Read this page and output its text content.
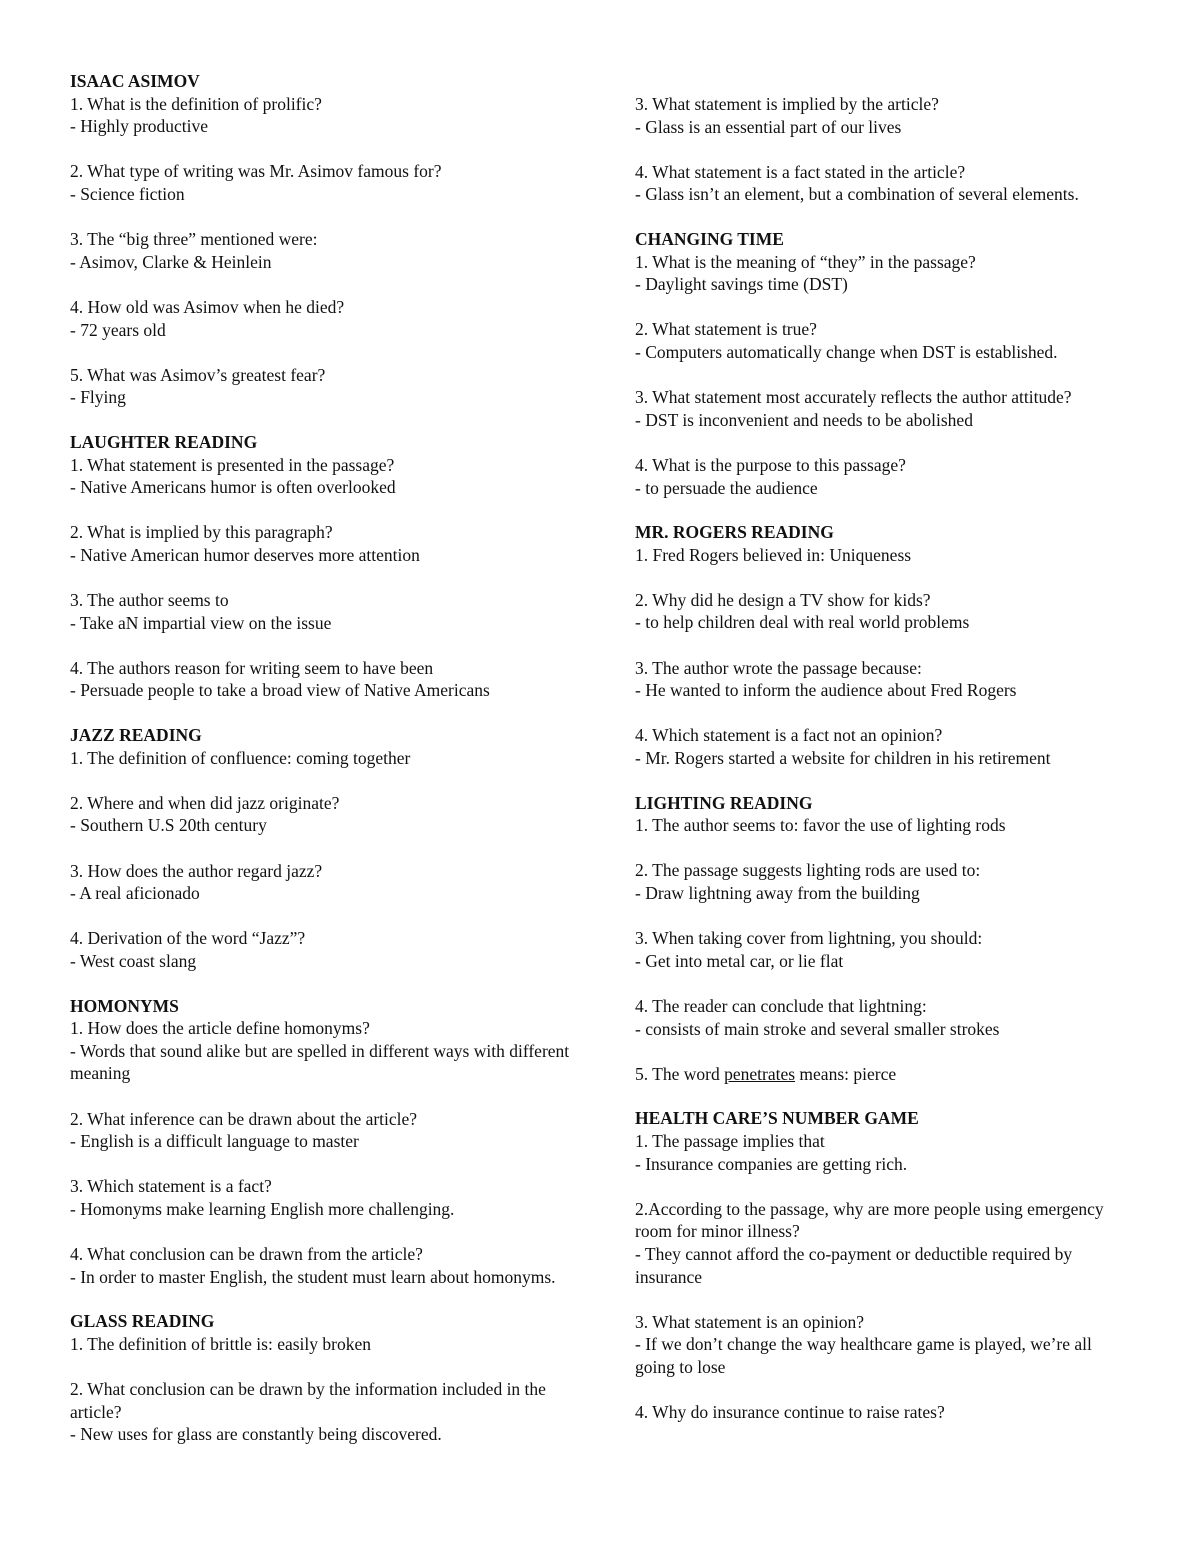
ISAAC ASIMOV
1. What is the definition of prolific?
- Highly productive
2. What type of writing was Mr. Asimov famous for?
- Science fiction
3. The “big three” mentioned were:
- Asimov, Clarke & Heinlein
4. How old was Asimov when he died?
- 72 years old
5. What was Asimov’s greatest fear?
- Flying
LAUGHTER READING
1. What statement is presented in the passage?
- Native Americans humor is often overlooked
2. What is implied by this paragraph?
- Native American humor deserves more attention
3. The author seems to
- Take aN impartial view on the issue
4. The authors reason for writing seem to have been
- Persuade people to take a broad view of Native Americans
JAZZ READING
1. The definition of confluence: coming together
2. Where and when did jazz originate?
- Southern U.S 20th century
3. How does the author regard jazz?
- A real aficionado
4. Derivation of the word “Jazz”?
- West coast slang
HOMONYMS
1. How does the article define homonyms?
- Words that sound alike but are spelled in different ways with different meaning
2. What inference can be drawn about the article?
- English is a difficult language to master
3. Which statement is a fact?
- Homonyms make learning English more challenging.
4. What conclusion can be drawn from the article?
- In order to master English, the student must learn about homonyms.
GLASS READING
1. The definition of brittle is: easily broken
2. What conclusion can be drawn by the information included in the article?
- New uses for glass are constantly being discovered.
3. What statement is implied by the article?
- Glass is an essential part of our lives
4. What statement is a fact stated in the article?
- Glass isn’t an element, but a combination of several elements.
CHANGING TIME
1. What is the meaning of “they” in the passage?
- Daylight savings time (DST)
2. What statement is true?
- Computers automatically change when DST is established.
3. What statement most accurately reflects the author attitude?
- DST is inconvenient and needs to be abolished
4. What is the purpose to this passage?
- to persuade the audience
MR. ROGERS READING
1. Fred Rogers believed in: Uniqueness
2. Why did he design a TV show for kids?
- to help children deal with real world problems
3. The author wrote the passage because:
- He wanted to inform the audience about Fred Rogers
4. Which statement is a fact not an opinion?
- Mr. Rogers started a website for children in his retirement
LIGHTING READING
1. The author seems to: favor the use of lighting rods
2. The passage suggests lighting rods are used to:
- Draw lightning away from the building
3. When taking cover from lightning, you should:
- Get into metal car, or lie flat
4. The reader can conclude that lightning:
- consists of main stroke and several smaller strokes
5. The word penetrates means: pierce
HEALTH CARE’S NUMBER GAME
1. The passage implies that
- Insurance companies are getting rich.
2.According to the passage, why are more people using emergency room for minor illness?
- They cannot afford the co-payment or deductible required by insurance
3. What statement is an opinion?
- If we don’t change the way healthcare game is played, we’re all going to lose
4. Why do insurance continue to raise rates?
